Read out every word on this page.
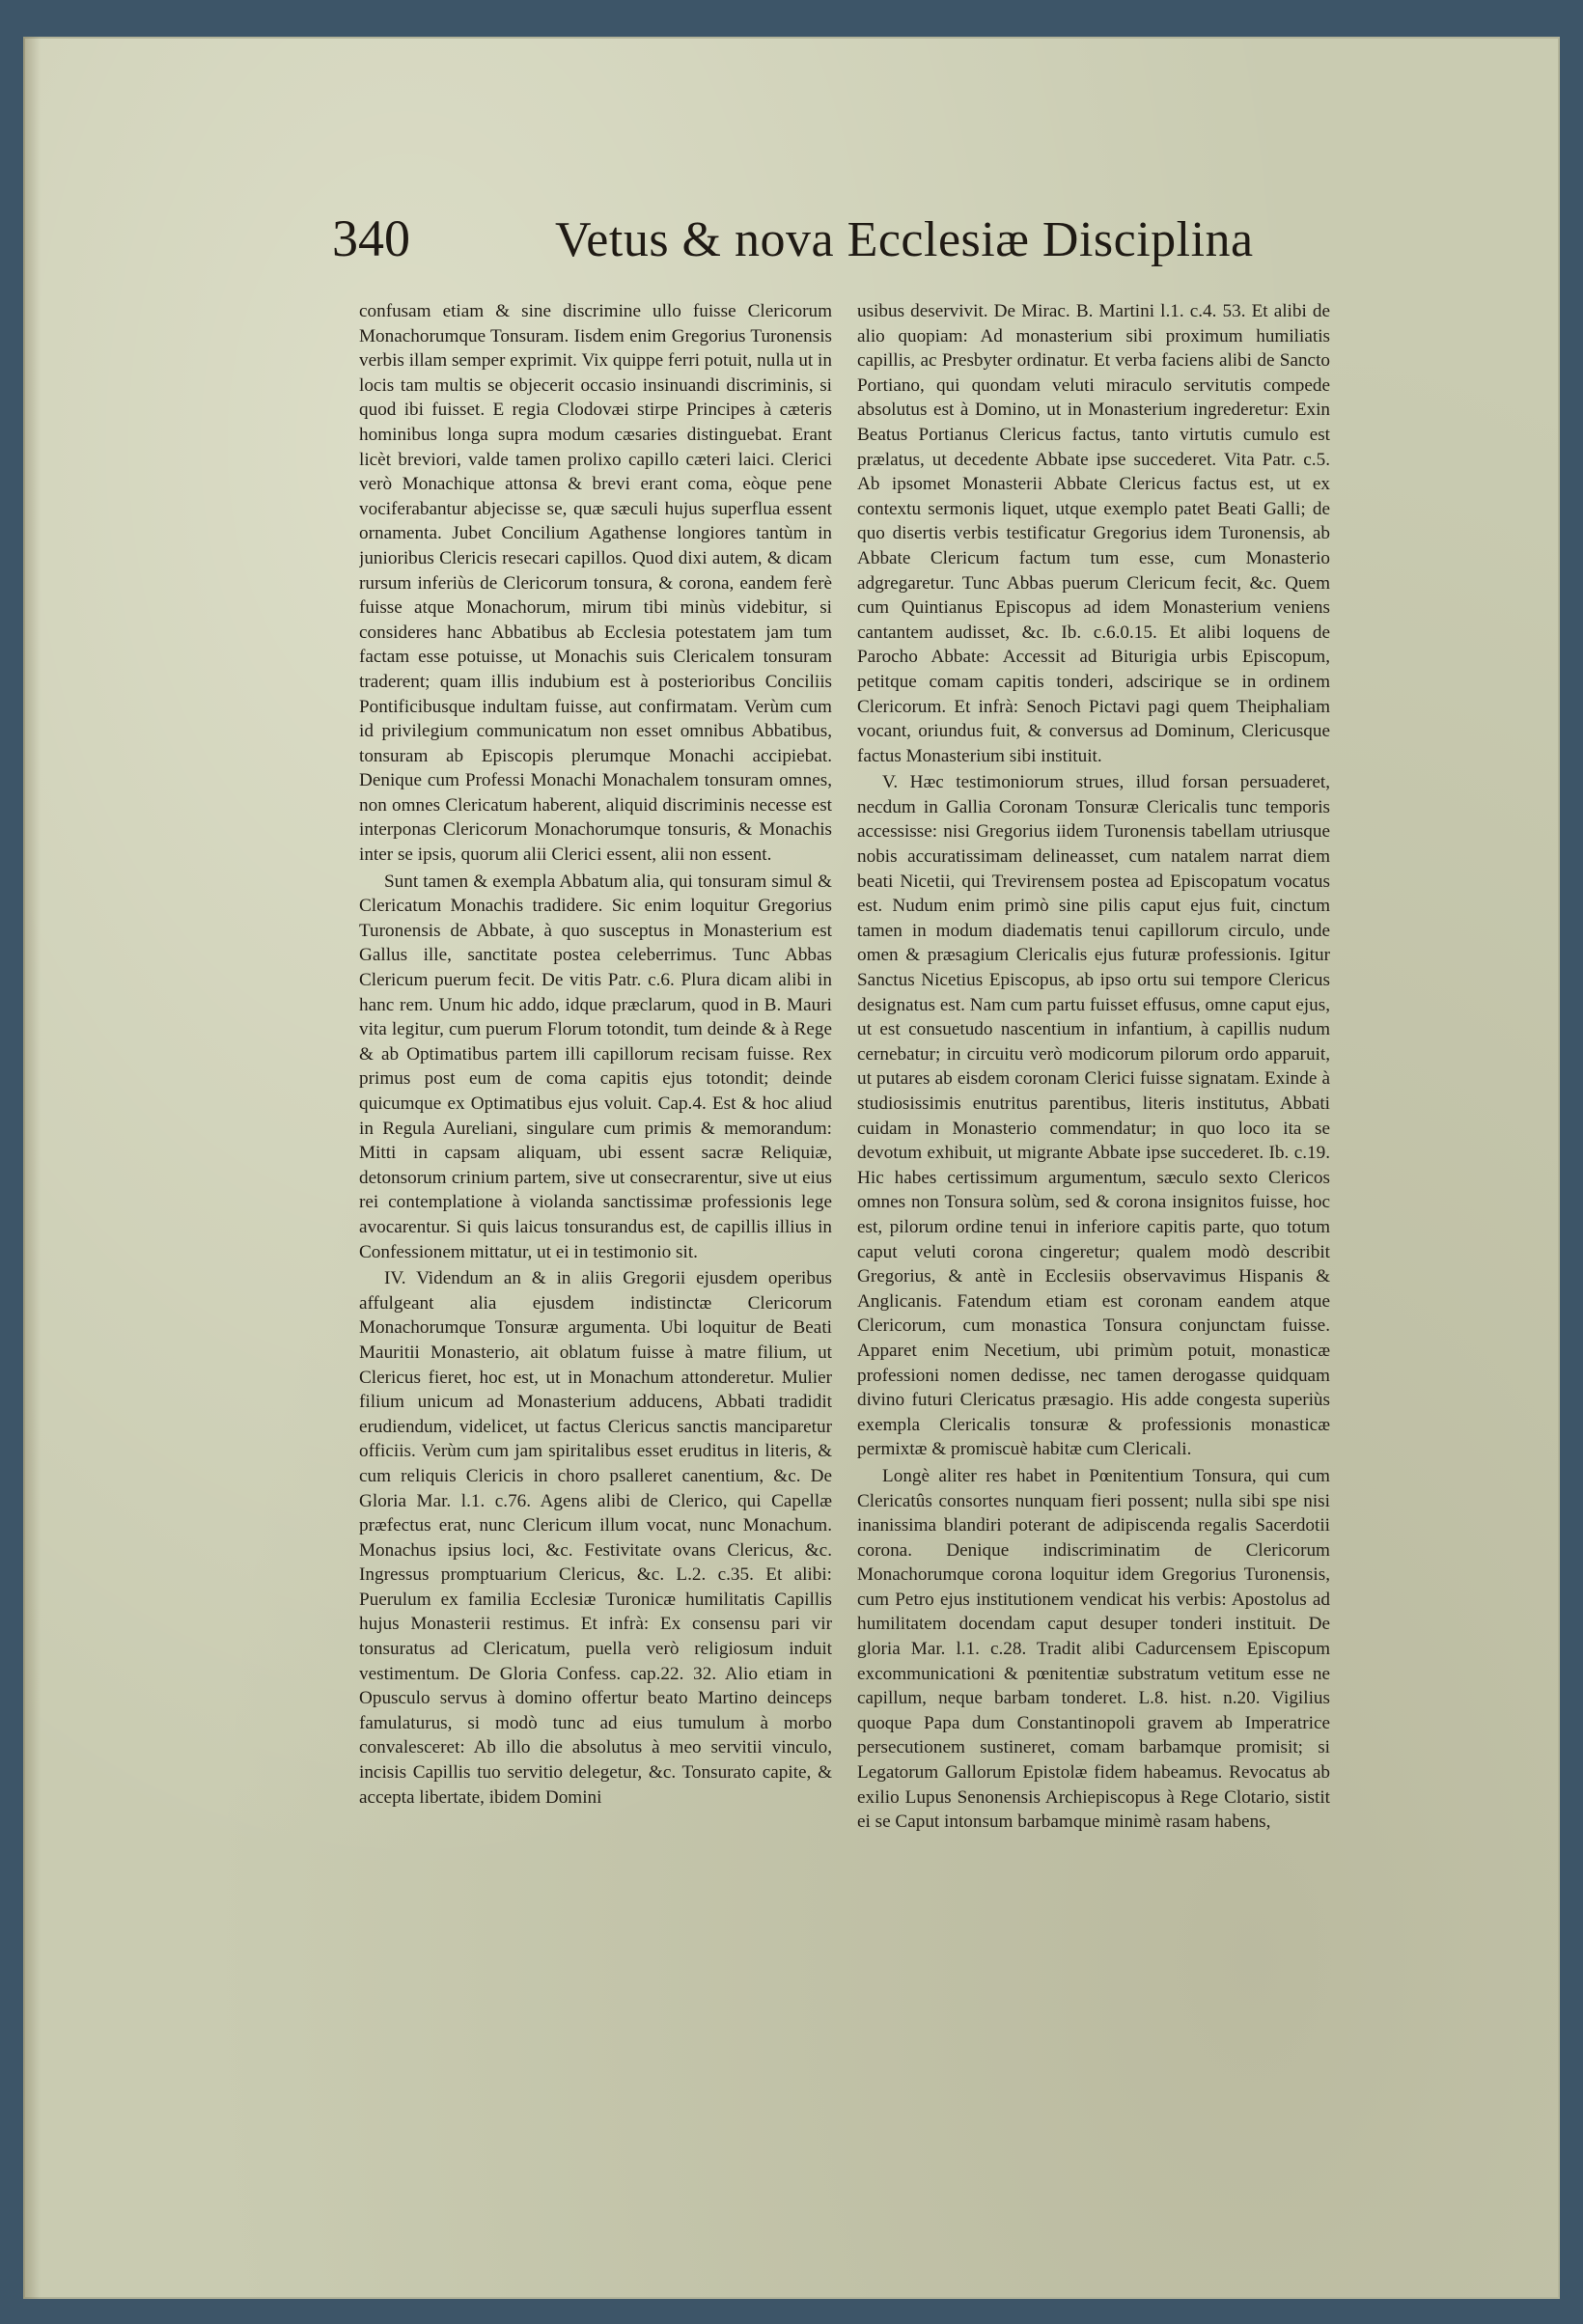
340	Vetus & nova Ecclesiæ Disciplina

confusam etiam & sine discrimine ullo fuisse Clericorum Monachorumque Tonsuram. Iisdem enim Gregorius Turonensis verbis illam semper exprimit. Vix quippe ferri potuit, nulla ut in locis tam multis se objecerit occasio insinuandi discriminis, si quod ibi fuisset. E regia Clodovæi stirpe Principes à cæteris hominibus longa supra modum cæsaries distinguebat. Erant licèt breviori, valde tamen prolixo capillo cæteri laici. Clerici verò Monachique attonsa & brevi erant coma, eòque pene vociferabantur abjecisse se, quæ sæculi hujus superflua essent ornamenta. Jubet Concilium Agathense longiores tantùm in junioribus Clericis resecari capillos. Quod dixi autem, & dicam rursum inferiùs de Clericorum tonsura, & corona, eandem ferè fuisse atque Monachorum, mirum tibi minùs videbitur, si consideres hanc Abbatibus ab Ecclesia potestatem jam tum factam esse potuisse, ut Monachis suis Clericalem tonsuram traderent; quam illis indubium est à posterioribus Conciliis Pontificibusque indultam fuisse, aut confirmatam. Verùm cum id privilegium communicatum non esset omnibus Abbatibus, tonsuram ab Episcopis plerumque Monachi accipiebat. Denique cum Professi Monachi Monachalem tonsuram omnes, non omnes Clericatum haberent, aliquid discriminis necesse est interponas Clericorum Monachorumque tonsuris, & Monachis inter se ipsis, quorum alii Clerici essent, alii non essent.

Sunt tamen & exempla Abbatum alia, qui tonsuram simul & Clericatum Monachis tradidere. Sic enim loquitur Gregorius Turonensis de Abbate, à quo susceptus in Monasterium est Gallus ille, sanctitate postea celeberrimus. Tunc Abbas Clericum puerum fecit. De vitis Patr. c.6. Plura dicam alibi in hanc rem. Unum hic addo, idque præclarum, quod in B. Mauri vita legitur, cum puerum Florum totondit, tum deinde & à Rege & ab Optimatibus partem illi capillorum recisam fuisse. Rex primus post eum de coma capitis ejus totondit; deinde quicumque ex Optimatibus ejus voluit. Cap.4. Est & hoc aliud in Regula Aureliani, singulare cum primis & memorandum: Mitti in capsam aliquam, ubi essent sacræ Reliquiæ, detonsorum crinium partem, sive ut consecrarentur, sive ut eius rei contemplatione à violanda sanctissimæ professionis lege avocarentur. Si quis laicus tonsurandus est, de capillis illius in Confessionem mittatur, ut ei in testimonio sit.

IV. Videndum an & in aliis Gregorii ejusdem operibus affulgeant alia ejusdem indistinctæ Clericorum Monachorumque Tonsuræ argumenta. Ubi loquitur de Beati Mauritii Monasterio, ait oblatum fuisse à matre filium, ut Clericus fieret, hoc est, ut in Monachum attonderetur. Mulier filium unicum ad Monasterium adducens, Abbati tradidit erudiendum, videlicet, ut factus Clericus sanctis manciparetur officiis. Verùm cum jam spiritalibus esset eruditus in literis, & cum reliquis Clericis in choro psalleret canentium, &c. De Gloria Mar. l.1. c.76. Agens alibi de Clerico, qui Capellæ præfectus erat, nunc Clericum illum vocat, nunc Monachum. Monachus ipsius loci, &c. Festivitate ovans Clericus, &c. Ingressus promptuarium Clericus, &c. L.2. c.35. Et alibi: Puerulum ex familia Ecclesiæ Turonicæ humilitatis Capillis hujus Monasterii restimus. Et infrà: Ex consensu pari vir tonsuratus ad Clericatum, puella verò religiosum induit vestimentum. De Gloria Confess. cap.22. 32. Alio etiam in Opusculo servus à domino offertur beato Martino deinceps famulaturus, si modò tunc ad eius tumulum à morbo convalesceret: Ab illo die absolutus à meo servitii vinculo, incisis Capillis tuo servitio delegetur, &c. Tonsurato capite, & accepta libertate, ibidem Domini

usibus deservivit. De Mirac. B. Martini l.1. c.4. 53. Et alibi de alio quopiam: Ad monasterium sibi proximum humiliatis capillis, ac Presbyter ordinatur. Et verba faciens alibi de Sancto Portiano, qui quondam veluti miraculo servitutis compede absolutus est à Domino, ut in Monasterium ingrederetur: Exin Beatus Portianus Clericus factus, tanto virtutis cumulo est prælatus, ut decedente Abbate ipse succederet. Vita Patr. c.5. Ab ipsomet Monasterii Abbate Clericus factus est, ut ex contextu sermonis liquet, utque exemplo patet Beati Galli; de quo disertis verbis testificatur Gregorius idem Turonensis, ab Abbate Clericum factum tum esse, cum Monasterio adgregaretur. Tunc Abbas puerum Clericum fecit, &c. Quem cum Quintianus Episcopus ad idem Monasterium veniens cantantem audisset, &c. Ib. c.6.0.15. Et alibi loquens de Parocho Abbate: Accessit ad Biturigia urbis Episcopum, petitque comam capitis tonderi, adscirique se in ordinem Clericorum. Et infrà: Senoch Pictavi pagi quem Theiphaliam vocant, oriundus fuit, & conversus ad Dominum, Clericusque factus Monasterium sibi instituit.

V. Hæc testimoniorum strues, illud forsan persuaderet, necdum in Gallia Coronam Tonsuræ Clericalis tunc temporis accessisse: nisi Gregorius iidem Turonensis tabellam utriusque nobis accuratissimam delineasset, cum natalem narrat diem beati Nicetii, qui Trevirensem postea ad Episcopatum vocatus est. Nudum enim primò sine pilis caput ejus fuit, cinctum tamen in modum diadematis tenui capillorum circulo, unde omen & præsagium Clericalis ejus futuræ professionis. Igitur Sanctus Nicetius Episcopus, ab ipso ortu sui tempore Clericus designatus est. Nam cum partu fuisset effusus, omne caput ejus, ut est consuetudo nascentium in infantium, à capillis nudum cernebatur; in circuitu verò modicorum pilorum ordo apparuit, ut putares ab eisdem coronam Clerici fuisse signatam. Exinde à studiosissimis enutritus parentibus, literis institutus, Abbati cuidam in Monasterio commendatur; in quo loco ita se devotum exhibuit, ut migrante Abbate ipse succederet. Ib. c.19. Hic habes certissimum argumentum, sæculo sexto Clericos omnes non Tonsura solùm, sed & corona insignitos fuisse, hoc est, pilorum ordine tenui in inferiore capitis parte, quo totum caput veluti corona cingeretur; qualem modò describit Gregorius, & antè in Ecclesiis observavimus Hispanis & Anglicanis. Fatendum etiam est coronam eandem atque Clericorum, cum monastica Tonsura conjunctam fuisse. Apparet enim Necetium, ubi primùm potuit, monasticæ professioni nomen dedisse, nec tamen derogasse quidquam divino futuri Clericatus præsagio. His adde congesta superiùs exempla Clericalis tonsuræ & professionis monasticæ permixtæ & promiscuè habitæ cum Clericali.

Longè aliter res habet in Pœnitentium Tonsura, qui cum Clericatûs consortes nunquam fieri possent; nulla sibi spe nisi inanissima blandiri poterant de adipiscenda regalis Sacerdotii corona. Denique indiscriminatim de Clericorum Monachorumque corona loquitur idem Gregorius Turonensis, cum Petro ejus institutionem vendicat his verbis: Apostolus ad humilitatem docendam caput desuper tonderi instituit. De gloria Mar. l.1. c.28. Tradit alibi Cadurcensem Episcopum excommunicationi & pœnitentiæ substratum vetitum esse ne capillum, neque barbam tonderet. L.8. hist. n.20. Vigilius quoque Papa dum Constantinopoli gravem ab Imperatrice persecutionem sustineret, comam barbamque promisit; si Legatorum Gallorum Epistolæ fidem habeamus. Revocatus ab exilio Lupus Senonensis Archiepiscopus à Rege Clotario, sistit ei se Caput intonsum barbamque minimè rasam habens,
